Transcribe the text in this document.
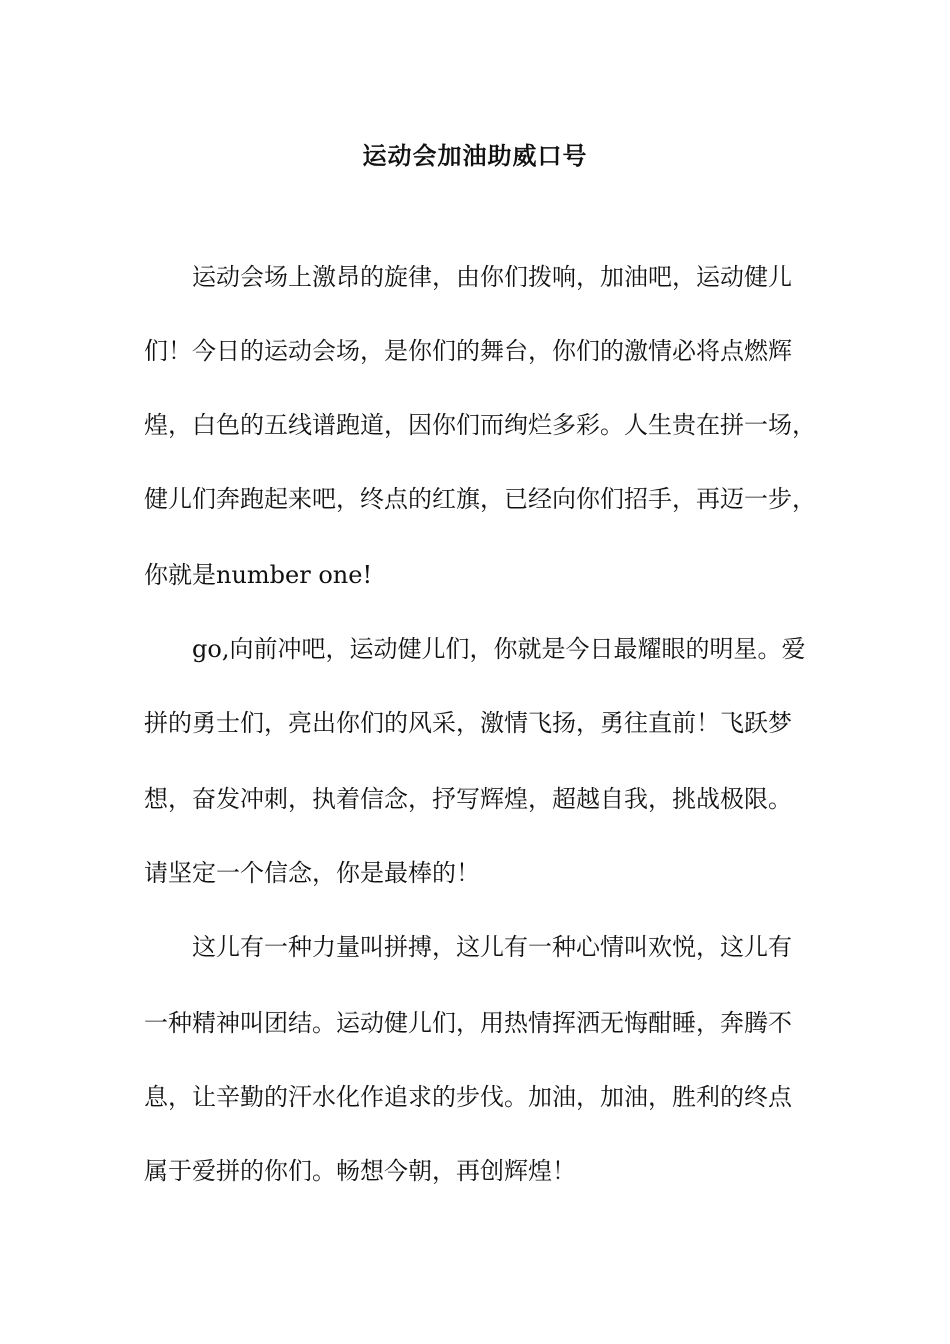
运动会加油助威口号
运动会场上激昂的旋律，由你们拨响，加油吧，运动健儿
们！今日的运动会场，是你们的舞台，你们的激情必将点燃辉
煌，白色的五线谱跑道，因你们而绚烂多彩。人生贵在拼一场，
健儿们奔跑起来吧，终点的红旗，已经向你们招手，再迈一步，
你就是number one!
go,向前冲吧，运动健儿们，你就是今日最耀眼的明星。爱
拼的勇士们，亮出你们的风采，激情飞扬，勇往直前！飞跃梦
想，奋发冲刺，执着信念，抒写辉煌，超越自我，挑战极限。
请坚定一个信念，你是最棒的！
这儿有一种力量叫拼搏，这儿有一种心情叫欢悦，这儿有
一种精神叫团结。运动健儿们，用热情挥洒无悔酣睡，奔腾不
息，让辛勤的汗水化作追求的步伐。加油，加油，胜利的终点
属于爱拼的你们。畅想今朝，再创辉煌！
